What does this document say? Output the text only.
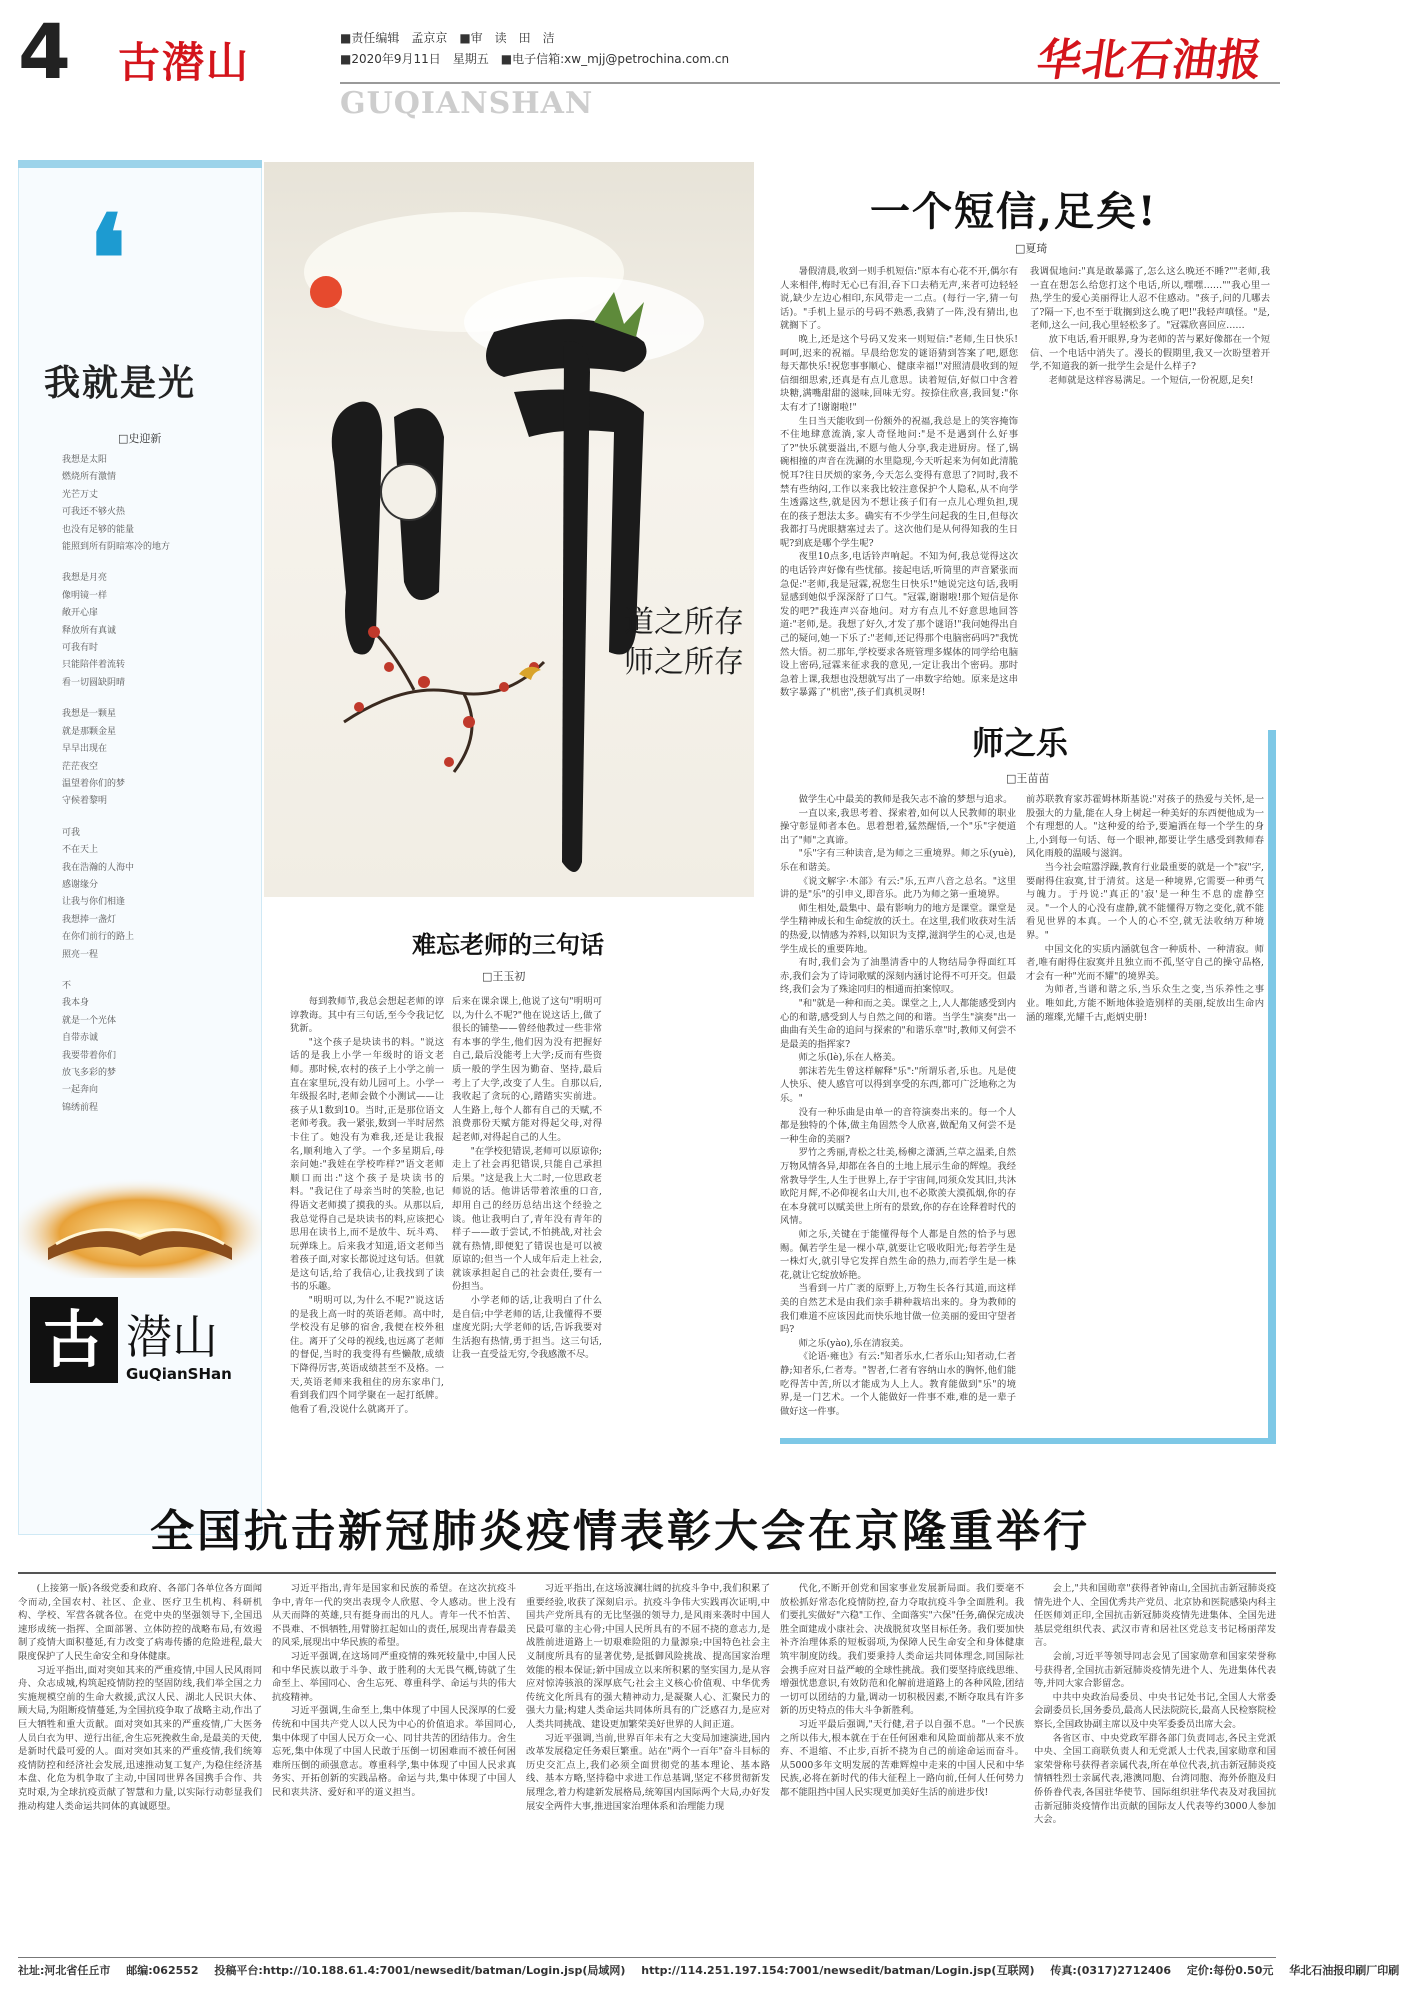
4 古潜山	■责任编辑　孟京京　■审　读　田　洁
■2020年9月11日　星期五　■电子信箱:xw_mjj@petrochina.com.cn
GUQIANSHAN
华北石油报
❛
我就是光
□史迎新
我想是太阳
燃烧所有激情
光芒万丈
可我还不够火热
也没有足够的能量
能照到所有阴暗寒冷的地方
我想是月亮
像明镜一样
敞开心扉
释放所有真诚
可我有时
只能陪伴着流转
看一切圆缺阴晴
我想是一颗星
就是那颗金星
早早出现在
茫茫夜空
温望着你们的梦
守候着黎明
可我
不在天上
我在浩瀚的人海中
感谢缘分
让我与你们相逢
我想捧一盏灯
在你们前行的路上
照亮一程
不
我本身
就是一个光体
自带赤诚
我要带着你们
放飞多彩的梦
一起奔向
锦绣前程
古 潜山
GuQianSHan
道之所存
师之所存
一个短信,足矣!
□夏琦

暑假清晨,收到一则手机短信:"原本有心花不开,偶尔有人来相伴,梅时无心已有泪,吞下口去稍无声,来者可边轻轻说,缺少左边心相印,东风带走一二点。(每行一字,猜一句话)。"手机上显示的号码不熟悉,我猜了一阵,没有猜出,也就搁下了。

晚上,还是这个号码又发来一则短信:"老师,生日快乐!呵呵,迟来的祝福。早晨给您发的谜语猜到答案了吧,愿您每天都快乐!祝您事事顺心、健康幸福!"对照清晨收到的短信细细思索,还真是有点儿意思。读着短信,好似口中含着块糖,满嘴甜甜的滋味,回味无穷。按捺住欣喜,我回复:"你太有才了!谢谢啦!"

生日当天能收到一份额外的祝福,我总是上的笑容掩饰不住地肆意流淌,家人奇怪地问:"是不是遇到什么好事了?"快乐就要溢出,不愿与他人分享,我走进厨房。怪了,锅碗相撞的声音在洗涮的水里隐现,今天听起来为何如此清脆悦耳?往日厌烦的家务,今天怎么变得有意思了?同时,我不禁有些纳闷,工作以来我比较注意保护个人隐私,从不向学生透露这些,就是因为不想让孩子们有一点儿心理负担,现在的孩子想法太多。确实有不少学生问起我的生日,但每次我都打马虎眼搪塞过去了。这次他们是从何得知我的生日呢?到底是哪个学生呢?

夜里10点多,电话铃声响起。不知为何,我总觉得这次的电话铃声好像有些忧郁。接起电话,听筒里的声音紧张而急促:"老师,我是冠霖,祝您生日快乐!"她说完这句话,我明显感到她似乎深深舒了口气。"冠霖,谢谢啦!那个短信是你发的吧?"我连声兴奋地问。对方有点儿不好意思地回答道:"老师,是。我想了好久,才发了那个谜语!"我问她得出自己的疑问,她一下乐了:"老师,还记得那个电脑密码吗?"我恍然大悟。初二那年,学校要求各班管理多媒体的同学给电脑设上密码,冠霖来征求我的意见,一定让我出个密码。那时急着上课,我想也没想就写出了一串数字给她。原来是这串数字暴露了"机密",孩子们真机灵呀!

我调侃地问:"真是敢暴露了,怎么这么晚还不睡?""老师,我一直在想怎么给您打这个电话,所以,嘿嘿……""我心里一热,学生的爱心美丽得让人忍不住感动。"孩子,问的几哪去了?隔一下,也不至于耽搁到这么晚了吧!"我轻声嗔怪。"是,老师,这么一问,我心里轻松多了。"冠霖欣喜回应……

放下电话,看开眼界,身为老师的苦与累好像都在一个短信、一个电话中消失了。漫长的假期里,我又一次盼望着开学,不知道我的新一批学生会是什么样子?

老师就是这样容易满足。一个短信,一份祝愿,足矣!

师之乐
□王苗苗

做学生心中最美的教师是我矢志不渝的梦想与追求。

一直以来,我思考着、探索着,如何以人民教师的职业操守彰显师者本色。思着想着,猛然醒悟,一个"乐"字便道出了"师"之真谛。

"乐"字有三种读音,是为师之三重境界。师之乐(yuè),乐在和谐美。

《说文解字·木部》有云:"乐,五声八音之总名。"这里讲的是"乐"的引申义,即音乐。此乃为师之第一重境界。

师生相处,最集中、最有影响力的地方是课堂。课堂是学生精神成长和生命绽放的沃土。在这里,我们收获对生活的热爱,以情感为养料,以知识为支撑,滋润学生的心灵,也是学生成长的重要阵地。

有时,我们会为了油墨清香中的人物结局争得面红耳赤,我们会为了诗词歌赋的深刻内涵讨论得不可开交。但最终,我们会为了殊途同归的相通而拍案惊叹。

"和"就是一种和而之美。课堂之上,人人都能感受到内心的和谐,感受到人与自然之间的和谐。当学生"演奏"出一曲曲有关生命的追问与探索的"和谐乐章"时,教师又何尝不是最美的指挥家?

师之乐(lè),乐在人格美。

郭沫若先生曾这样解释"乐":"所谓乐者,乐也。凡是使人快乐、使人感官可以得到享受的东西,都可广泛地称之为乐。"

没有一种乐曲是由单一的音符演奏出来的。每一个人都是独特的个体,做主角固然令人欣喜,做配角又何尝不是一种生命的美丽?

罗竹之秀丽,青松之壮美,杨柳之潇洒,兰草之温柔,自然万物风情各异,却都在各自的土地上展示生命的辉煌。我经常教导学生,人生于世界上,存于宇宙间,同须众发其旧,共沐欧陀月辉,不必仰视名山大川,也不必欺羡大漠孤烟,你的存在本身就可以赋美世上所有的景致,你的存在诠释着时代的风情。

师之乐,关键在于能懂得每个人都是自然的恰予与恩赐。佩若学生是一棵小草,就要让它吸收阳光;每若学生是一株灯火,就引导它发挥自然生命的热力,而若学生是一株花,就让它绽放娇艳。

当看到一片广袤的原野上,万物生长各行其道,而这样美的自然艺术是由我们亲手耕种栽培出来的。身为教师的我们难道不应该因此而快乐地甘做一位美丽的爱田守望者吗?

师之乐(yào),乐在清寂美。

《论语·雍也》有云:"知者乐水,仁者乐山;知者动,仁者静;知者乐,仁者寿。"智者,仁者有容纳山水的胸怀,他们能吃得苦中苦,所以才能成为人上人。教育能做到"乐"的境界,是一门艺术。一个人能做好一件事不难,难的是一辈子做好这一件事。

前苏联教育家苏霍姆林斯基说:"对孩子的热爱与关怀,是一股强大的力量,能在人身上树起一种美好的东西便他成为一个有理想的人。"这种爱的给予,要遍洒在每一个学生的身上,小到每一句话、每一个眼神,都要让学生感受到教师春风化雨般的温暖与滋润。

当今社会喧嚣浮躁,教育行业最重要的就是一个"寂"字,要耐得住寂寞,甘于清贫。这是一种境界,它需要一种勇气与魄力。于丹说:"真正的'寂'是一种生不息的虚静空灵。"一个人的心没有虚静,就不能懂得万物之变化,就不能看见世界的本真。一个人的心不空,就无法收纳万种境界。"

中国文化的实质内涵就包含一种质朴、一种清寂。师者,唯有耐得住寂寞并且独立而不孤,坚守自己的操守品格,才会有一种"光而不耀"的境界美。

为师者,当谱和谐之乐,当乐众生之变,当乐养性之事业。唯如此,方能不断地体验造别样的美丽,绽放出生命内涵的璀璨,光耀千古,彪炳史册!

难忘老师的三句话
□王玉初

每到教师节,我总会想起老师的谆谆教诲。其中有三句话,至今令我记忆犹新。

"这个孩子是块读书的料。"说这话的是我上小学一年级时的语文老师。那时候,农村的孩子上小学之前一直在家里玩,没有幼儿园可上。小学一年级报名时,老师会做个小测试——让孩子从1数到10。当时,正是那位语文老师考我。我一紧张,数到一半时居然卡住了。她没有为难我,还是让我报名,顺利地入了学。一个多星期后,母亲问她:"我娃在学校咋样?"语文老师顺口而出:"这个孩子是块读书的料。"我记住了母亲当时的笑脸,也记得语文老师摸了摸我的头。从那以后,我总觉得自己是块读书的料,应该把心思用在读书上,而不是放牛、玩斗鸡、玩弹珠上。后来我才知道,语文老师当着孩子面,对家长都说过这句话。但就是这句话,给了我信心,让我找到了读书的乐趣。

"明明可以,为什么不呢?"说这话的是我上高一时的英语老师。高中时,学校没有足够的宿舍,我便在校外租住。离开了父母的视线,也远离了老师的督促,当时的我变得有些懒散,成绩下降得厉害,英语成绩甚至不及格。一天,英语老师来我租住的房东家串门,看到我们四个同学聚在一起打纸牌。他看了看,没说什么就离开了。

后来在课余课上,他说了这句"明明可以,为什么不呢?"他在说这话上,做了很长的铺垫——曾经他教过一些非常有本事的学生,他们因为没有把握好自己,最后没能考上大学;反而有些资质一般的学生因为勤奋、坚持,最后考上了大学,改变了人生。自那以后,我收起了贪玩的心,踏踏实实前进。人生路上,每个人都有自己的天赋,不浪费那份天赋方能对得起父母,对得起老师,对得起自己的人生。

"在学校犯错误,老师可以原谅你;走上了社会再犯错误,只能自己承担后果。"这是我上大二时,一位思政老师说的话。他讲话带着浓重的口音,却用自己的经历总结出这个经验之谈。他让我明白了,青年没有青年的样子——敢于尝试,不怕挑战,对社会就有热情,即便犯了错误也是可以被原谅的;但当一个人成年后走上社会,就该承担起自己的社会责任,要有一份担当。

小学老师的话,让我明白了什么是自信;中学老师的话,让我懂得不要虚度光阴;大学老师的话,告诉我要对生活抱有热情,勇于担当。这三句话,让我一直受益无穷,令我感激不尽。

全国抗击新冠肺炎疫情表彰大会在京隆重举行

(上接第一版)各级党委和政府、各部门各单位各方面闻令而动,全国农村、社区、企业、医疗卫生机构、科研机构、学校、军营各就各位。在党中央的坚强领导下,全国迅速形成统一指挥、全面部署、立体防控的战略布局,有效遏制了疫情大面积蔓延,有力改变了病毒传播的危险进程,最大限度保护了人民生命安全和身体健康。

习近平指出,面对突如其来的严重疫情,中国人民风雨同舟、众志成城,构筑起疫情防控的坚固防线,我们举全国之力实施规模空前的生命大救援,武汉人民、湖北人民识大体、顾大局,为阻断疫情蔓延,为全国抗疫争取了战略主动,作出了巨大牺牲和重大贡献。面对突如其来的严重疫情,广大医务人员白衣为甲、逆行出征,舍生忘死挽救生命,是最美的天使,是新时代最可爱的人。面对突如其来的严重疫情,我们统筹疫情防控和经济社会发展,迅速推动复工复产,为稳住经济基本盘、化危为机争取了主动,中国同世界各国携手合作、共克时艰,为全球抗疫贡献了智慧和力量,以实际行动彰显我们推动构建人类命运共同体的真诚愿望。

习近平指出,青年是国家和民族的希望。在这次抗疫斗争中,青年一代的突出表现令人欣慰、令人感动。世上没有从天而降的英雄,只有挺身而出的凡人。青年一代不怕苦、不畏难、不惧牺牲,用臂膀扛起如山的责任,展现出青春最美的风采,展现出中华民族的希望。

习近平强调,在这场同严重疫情的殊死较量中,中国人民和中华民族以敢于斗争、敢于胜利的大无畏气概,铸就了生命至上、举国同心、舍生忘死、尊重科学、命运与共的伟大抗疫精神。

习近平强调,生命至上,集中体现了中国人民深厚的仁爱传统和中国共产党人以人民为中心的价值追求。举国同心,集中体现了中国人民万众一心、同甘共苦的团结伟力。舍生忘死,集中体现了中国人民敢于压倒一切困难而不被任何困难所压倒的顽强意志。尊重科学,集中体现了中国人民求真务实、开拓创新的实践品格。命运与共,集中体现了中国人民和衷共济、爱好和平的道义担当。

习近平指出,在这场波澜壮阔的抗疫斗争中,我们积累了重要经验,收获了深刻启示。抗疫斗争伟大实践再次证明,中国共产党所具有的无比坚强的领导力,是风雨来袭时中国人民最可靠的主心骨;中国人民所具有的不屈不挠的意志力,是战胜前进道路上一切艰难险阻的力量源泉;中国特色社会主义制度所具有的显著优势,是抵御风险挑战、提高国家治理效能的根本保证;新中国成立以来所积累的坚实国力,是从容应对惊涛骇浪的深厚底气;社会主义核心价值观、中华优秀传统文化所具有的强大精神动力,是凝聚人心、汇聚民力的强大力量;构建人类命运共同体所具有的广泛感召力,是应对人类共同挑战、建设更加繁荣美好世界的人间正道。

习近平强调,当前,世界百年未有之大变局加速演进,国内改革发展稳定任务艰巨繁重。站在"两个一百年"奋斗目标的历史交汇点上,我们必须全面贯彻党的基本理论、基本路线、基本方略,坚持稳中求进工作总基调,坚定不移贯彻新发展理念,着力构建新发展格局,统筹国内国际两个大局,办好发展安全两件大事,推进国家治理体系和治理能力现

代化,不断开创党和国家事业发展新局面。我们要毫不放松抓好常态化疫情防控,奋力夺取抗疫斗争全面胜利。我们要扎实做好"六稳"工作、全面落实"六保"任务,确保完成决胜全面建成小康社会、决战脱贫攻坚目标任务。我们要加快补齐治理体系的短板弱项,为保障人民生命安全和身体健康筑牢制度防线。我们要秉持人类命运共同体理念,同国际社会携手应对日益严峻的全球性挑战。我们要坚持底线思维、增强忧患意识,有效防范和化解前进道路上的各种风险,团结一切可以团结的力量,调动一切积极因素,不断夺取具有许多新的历史特点的伟大斗争新胜利。

习近平最后强调,"天行健,君子以自强不息。"一个民族之所以伟大,根本就在于在任何困难和风险面前都从来不放弃、不退缩、不止步,百折不挠为自己的前途命运而奋斗。从5000多年文明发展的苦难辉煌中走来的中国人民和中华民族,必将在新时代的伟大征程上一路向前,任何人任何势力都不能阻挡中国人民实现更加美好生活的前进步伐!

会上,"共和国勋章"获得者钟南山,全国抗击新冠肺炎疫情先进个人、全国优秀共产党员、北京协和医院感染内科主任医师刘正印,全国抗击新冠肺炎疫情先进集体、全国先进基层党组织代表、武汉市青和居社区党总支书记杨丽萍发言。

会前,习近平等领导同志会见了国家勋章和国家荣誉称号获得者,全国抗击新冠肺炎疫情先进个人、先进集体代表等,并同大家合影留念。

中共中央政治局委员、中央书记处书记,全国人大常委会副委员长,国务委员,最高人民法院院长,最高人民检察院检察长,全国政协副主席以及中央军委委员出席大会。

各省区市、中央党政军群各部门负责同志,各民主党派中央、全国工商联负责人和无党派人士代表,国家勋章和国家荣誉称号获得者亲属代表,所在单位代表,抗击新冠肺炎疫情牺牲烈士亲属代表,港澳同胞、台湾同胞、海外侨胞及归侨侨眷代表,各国驻华使节、国际组织驻华代表及对我国抗击新冠肺炎疫情作出贡献的国际友人代表等约3000人参加大会。

社址:河北省任丘市 邮编:062552 投稿平台:http://10.188.61.4:7001/newsedit/batman/Login.jsp(局域网) http://114.251.197.154:7001/newsedit/batman/Login.jsp(互联网) 传真:(0317)2712406 定价:每份0.50元 华北石油报印刷厂印刷
